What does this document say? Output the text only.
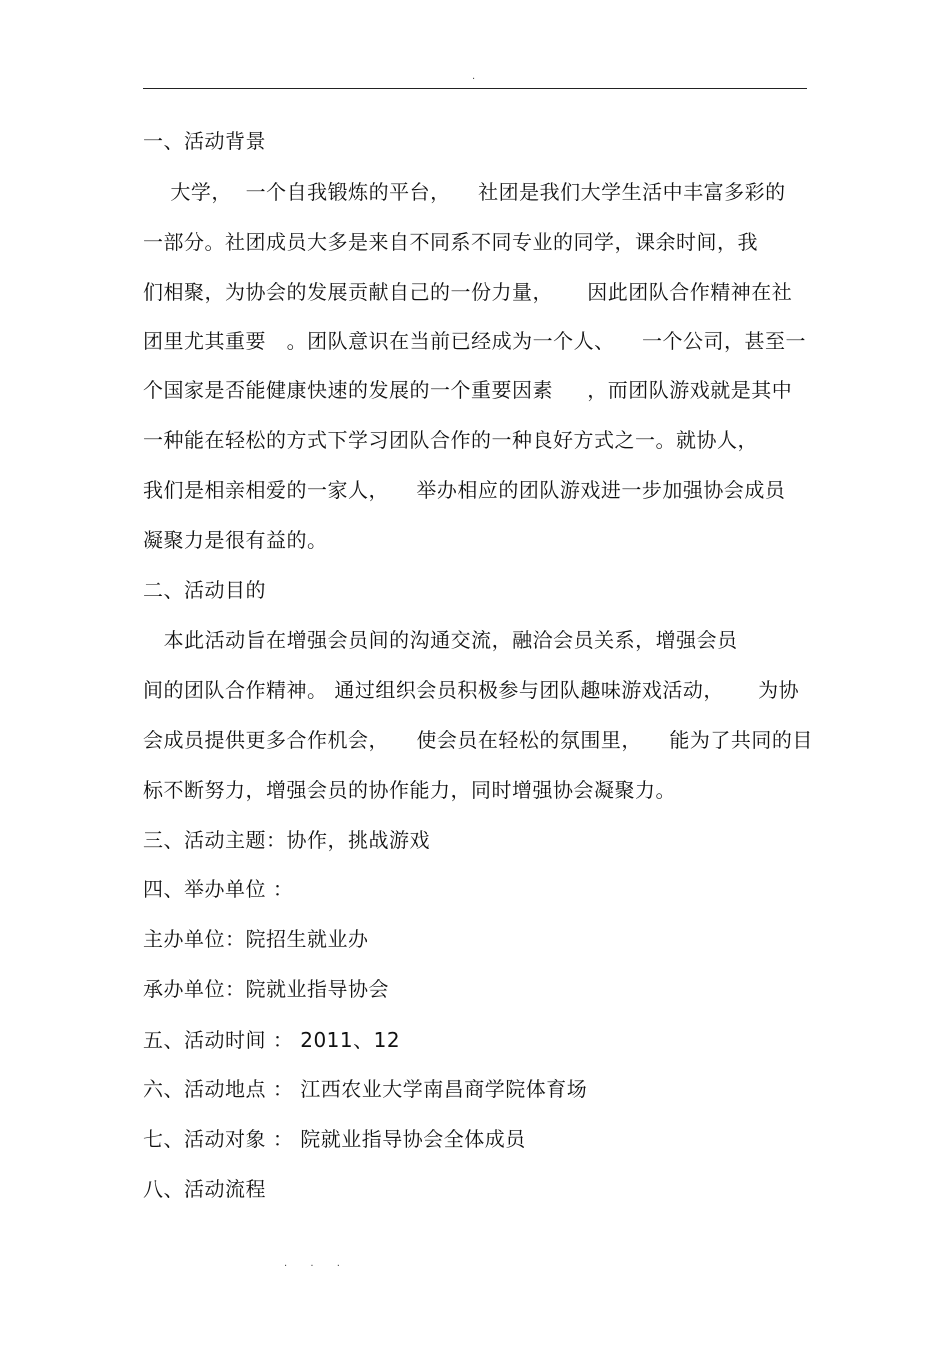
.
一、活动背景
大学，  一个自我锻炼的平台，    社团是我们大学生活中丰富多彩的
一部分。社团成员大多是来自不同系不同专业的同学，课余时间，我
们相聚，为协会的发展贡献自己的一份力量，     因此团队合作精神在社
团里尤其重要   。团队意识在当前已经成为一个人、    一个公司，甚至一
个国家是否能健康快速的发展的一个重要因素     ，而团队游戏就是其中
一种能在轻松的方式下学习团队合作的一种良好方式之一。就协人，
我们是相亲相爱的一家人，    举办相应的团队游戏进一步加强协会成员
凝聚力是很有益的。
二、活动目的
本此活动旨在增强会员间的沟通交流，融洽会员关系，增强会员
间的团队合作精神。 通过组织会员积极参与团队趣味游戏活动，     为协
会成员提供更多合作机会，    使会员在轻松的氛围里，    能为了共同的目
标不断努力，增强会员的协作能力，同时增强协会凝聚力。
三、活动主题：协作，挑战游戏
四、举办单位 ：
主办单位：院招生就业办
承办单位：院就业指导协会
五、活动时间 ： 2011、12
六、活动地点 ： 江西农业大学南昌商学院体育场
七、活动对象 ： 院就业指导协会全体成员
八、活动流程
. . .
